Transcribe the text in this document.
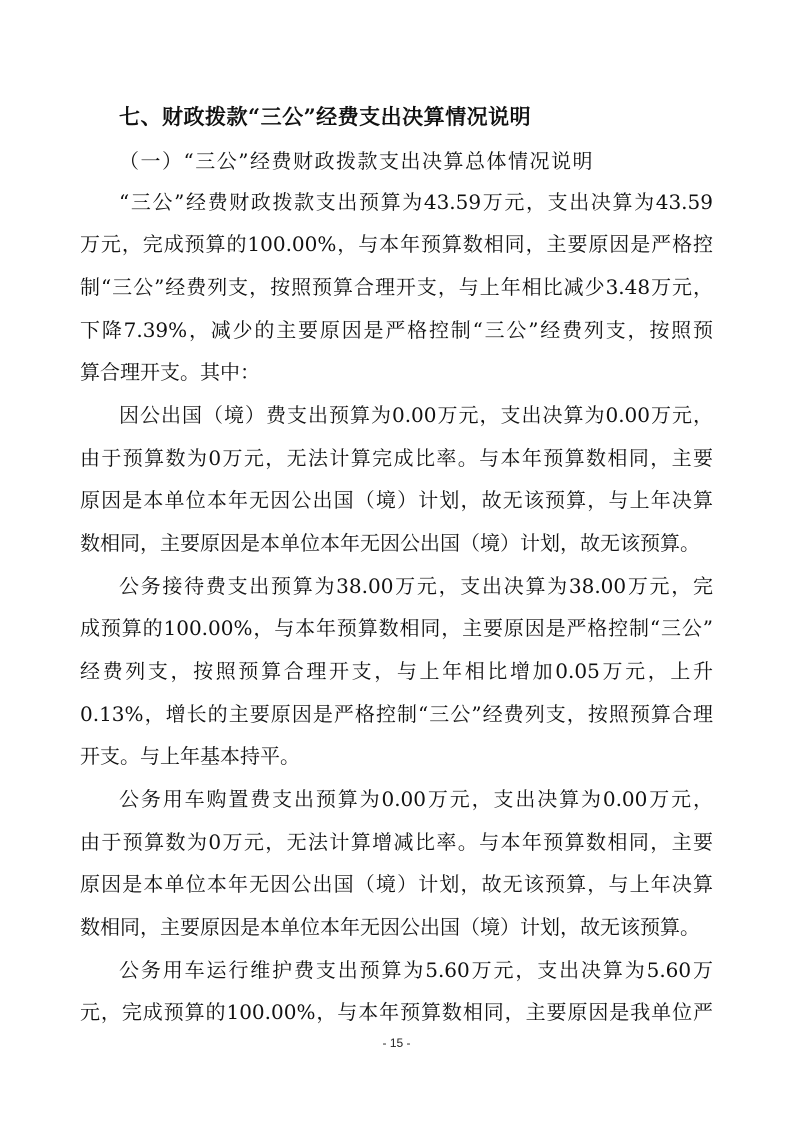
七、财政拨款“三公”经费支出决算情况说明
（一）“三公”经费财政拨款支出决算总体情况说明
“三公”经费财政拨款支出预算为43.59万元，支出决算为43.59
万元，完成预算的100.00%，与本年预算数相同，主要原因是严格控
制“三公”经费列支，按照预算合理开支，与上年相比减少3.48万元，
下降7.39%，减少的主要原因是严格控制“三公”经费列支，按照预
算合理开支。其中：
因公出国（境）费支出预算为0.00万元，支出决算为0.00万元，
由于预算数为0万元，无法计算完成比率。与本年预算数相同，主要
原因是本单位本年无因公出国（境）计划，故无该预算，与上年决算
数相同，主要原因是本单位本年无因公出国（境）计划，故无该预算。
公务接待费支出预算为38.00万元，支出决算为38.00万元，完
成预算的100.00%，与本年预算数相同，主要原因是严格控制“三公”
经费列支，按照预算合理开支，与上年相比增加0.05万元，上升
0.13%，增长的主要原因是严格控制“三公”经费列支，按照预算合理
开支。与上年基本持平。
公务用车购置费支出预算为0.00万元，支出决算为0.00万元，
由于预算数为0万元，无法计算增减比率。与本年预算数相同，主要
原因是本单位本年无因公出国（境）计划，故无该预算，与上年决算
数相同，主要原因是本单位本年无因公出国（境）计划，故无该预算。
公务用车运行维护费支出预算为5.60万元，支出决算为5.60万
元，完成预算的100.00%，与本年预算数相同，主要原因是我单位严
- 15 -
